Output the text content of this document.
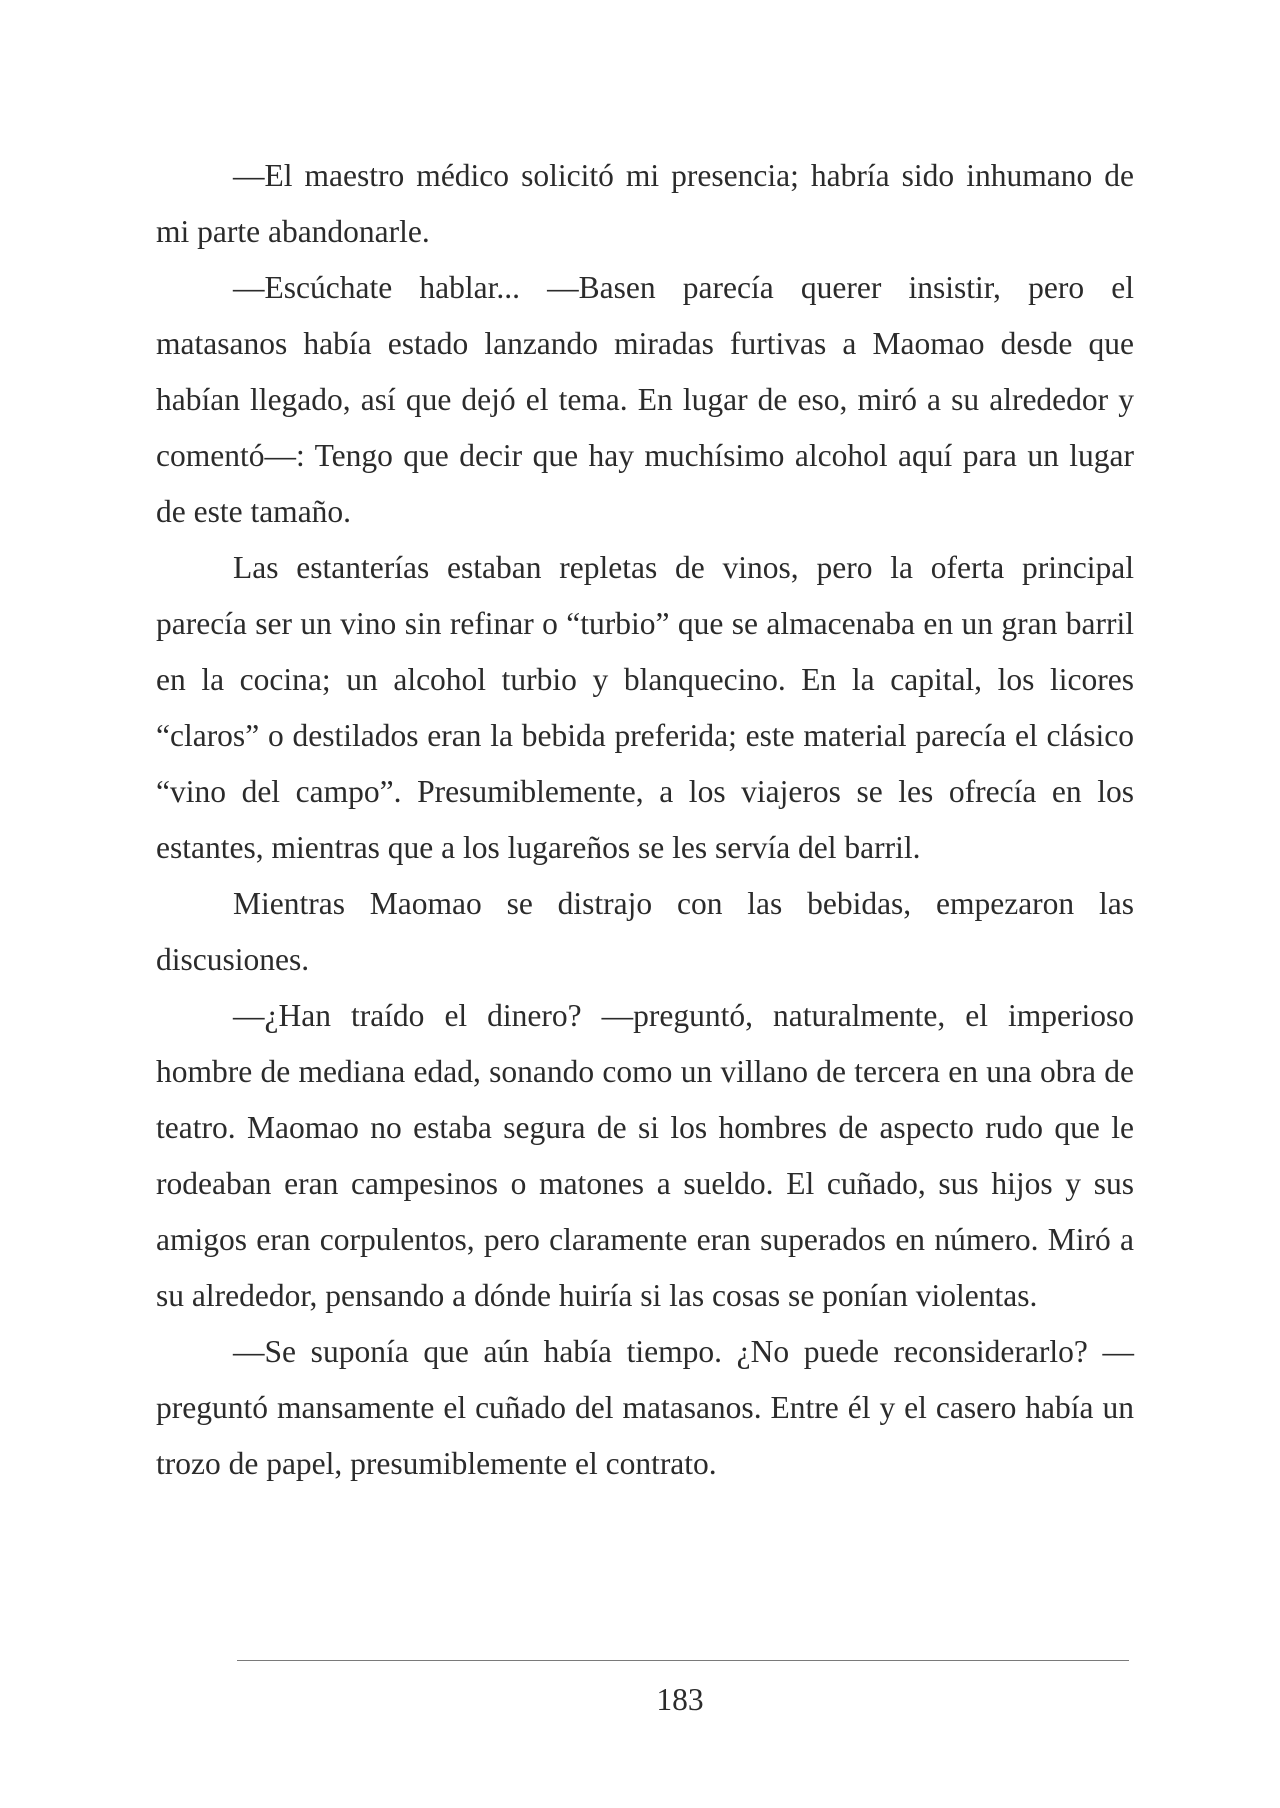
—El maestro médico solicitó mi presencia; habría sido inhumano de mi parte abandonarle.

—Escúchate hablar... —Basen parecía querer insistir, pero el matasanos había estado lanzando miradas furtivas a Maomao desde que habían llegado, así que dejó el tema. En lugar de eso, miró a su alrededor y comentó—: Tengo que decir que hay muchísimo alcohol aquí para un lugar de este tamaño.

Las estanterías estaban repletas de vinos, pero la oferta principal parecía ser un vino sin refinar o “turbio” que se almacenaba en un gran barril en la cocina; un alcohol turbio y blanquecino. En la capital, los licores “claros” o destilados eran la bebida preferida; este material parecía el clásico “vino del campo”. Presumiblemente, a los viajeros se les ofrecía en los estantes, mientras que a los lugareños se les servía del barril.

Mientras Maomao se distrajo con las bebidas, empezaron las discusiones.

—¿Han traído el dinero? —preguntó, naturalmente, el imperioso hombre de mediana edad, sonando como un villano de tercera en una obra de teatro. Maomao no estaba segura de si los hombres de aspecto rudo que le rodeaban eran campesinos o matones a sueldo. El cuñado, sus hijos y sus amigos eran corpulentos, pero claramente eran superados en número. Miró a su alrededor, pensando a dónde huiría si las cosas se ponían violentas.

—Se suponía que aún había tiempo. ¿No puede reconsiderarlo? —preguntó mansamente el cuñado del matasanos. Entre él y el casero había un trozo de papel, presumiblemente el contrato.

183
